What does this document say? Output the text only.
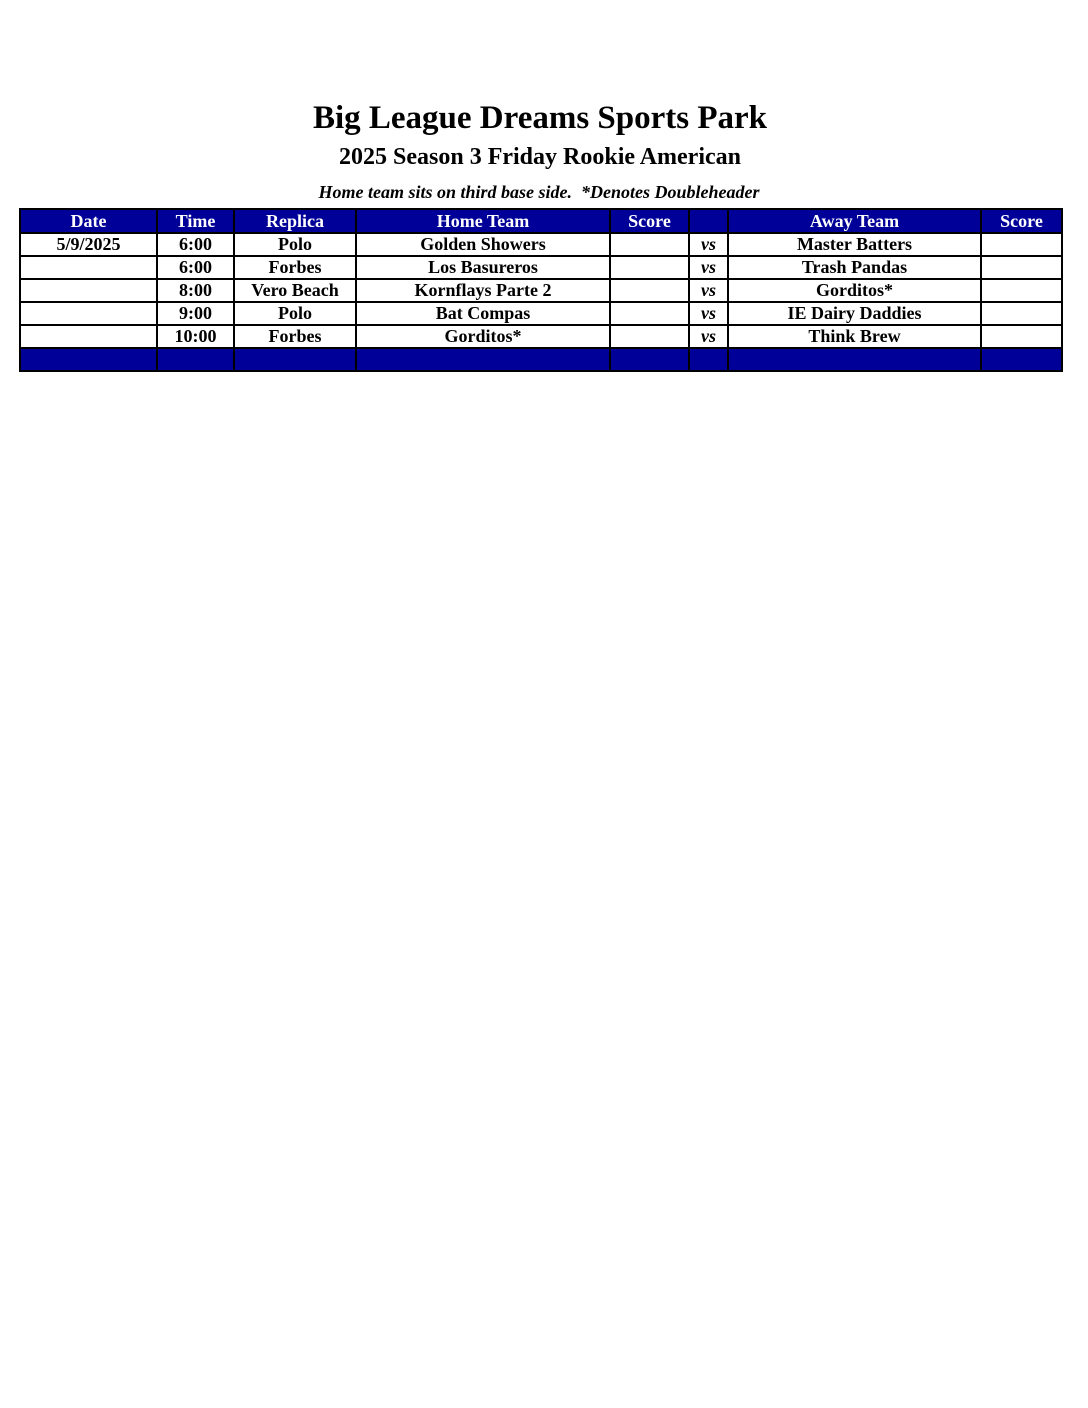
Big League Dreams Sports Park
2025 Season 3 Friday Rookie American
Home team sits on third base side.  *Denotes Doubleheader
Date	Time	Replica	Home Team	Score		Away Team	Score
5/9/2025	6:00	Polo	Golden Showers		vs	Master Batters	
	6:00	Forbes	Los Basureros		vs	Trash Pandas	
	8:00	Vero Beach	Kornflays Parte 2		vs	Gorditos*	
	9:00	Polo	Bat Compas		vs	IE Dairy Daddies	
	10:00	Forbes	Gorditos*		vs	Think Brew	
